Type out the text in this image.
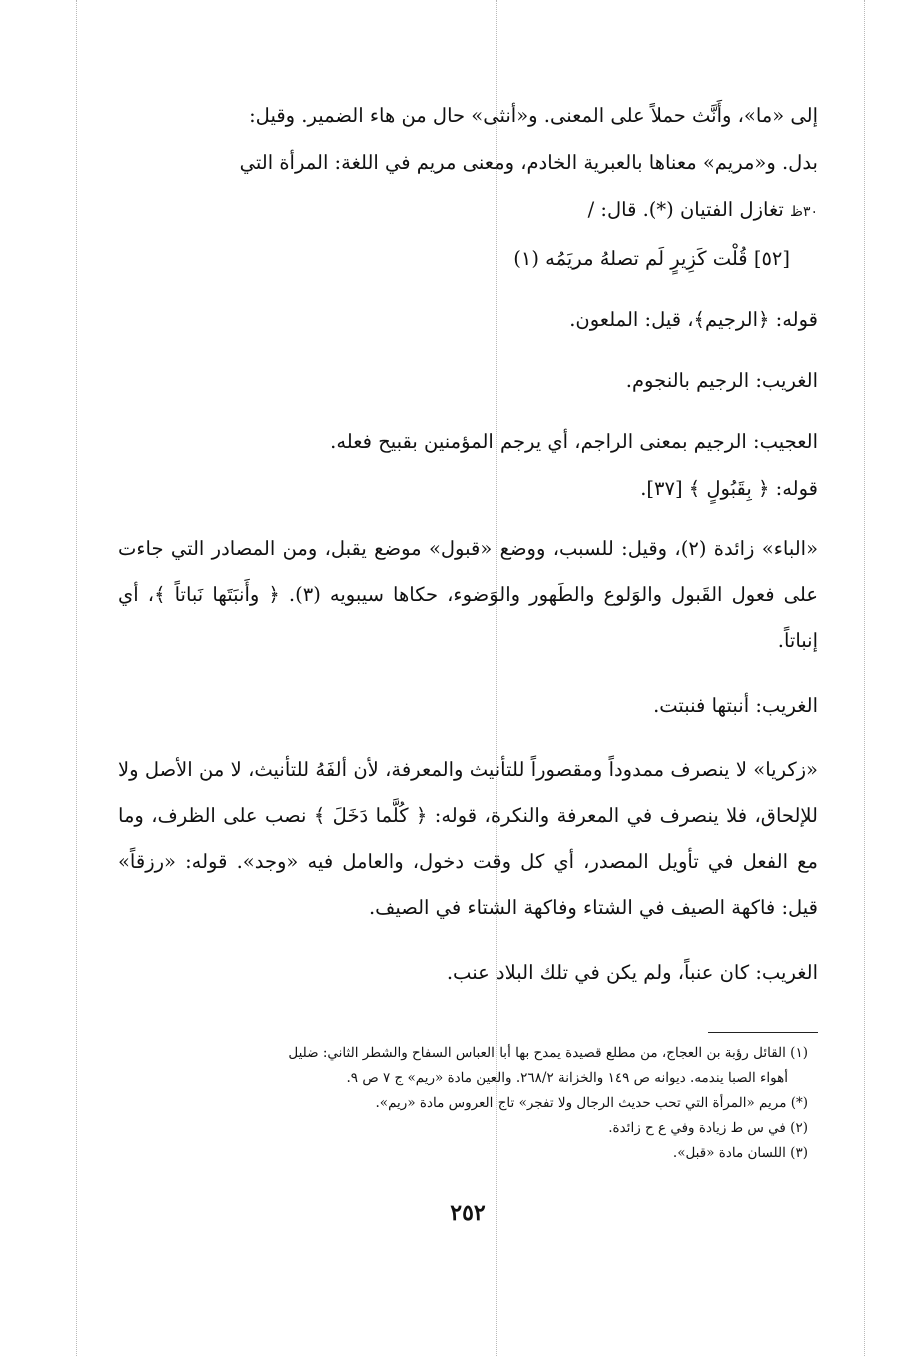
إلى «ما»، وأَنَّث حملاً على المعنى. و«أنثى» حال من هاء الضمير. وقيل:

بدل. و«مريم» معناها بالعبرية الخادم، ومعنى مريم في اللغة: المرأة التي

٣٠ظ تغازل الفتيان (*). قال: /

[٥٢] قُلْت كَزِيرٍ لَم تصلهُ مريَمُه (١)

قوله: ﴿الرجيم﴾، قيل: الملعون.

الغريب: الرجيم بالنجوم.

العجيب: الرجيم بمعنى الراجم، أي يرجم المؤمنين بقبيح فعله.

قوله: ﴿ بِقَبُولٍ ﴾ [٣٧].

«الباء» زائدة (٢)، وقيل: للسبب، ووضع «قبول» موضع يقبل، ومن المصادر التي جاءت على فعول القَبول والوَلوع والطَهور والوَضوء، حكاها سيبويه (٣). ﴿ وأَنبَتَها نَباتاً ﴾، أي إنباتاً.

الغريب: أنبتها فنبتت.

«زكريا» لا ينصرف ممدوداً ومقصوراً للتأنيث والمعرفة، لأن ألفَهُ للتأنيث، لا من الأصل ولا للإلحاق، فلا ينصرف في المعرفة والنكرة، قوله: ﴿ كُلَّما دَخَلَ ﴾ نصب على الظرف، وما مع الفعل في تأويل المصدر، أي كل وقت دخول، والعامل فيه «وجد». قوله: «رزقاً» قيل: فاكهة الصيف في الشتاء وفاكهة الشتاء في الصيف.

الغريب: كان عنباً، ولم يكن في تلك البلاد عنب.

(١) القائل رؤبة بن العجاج، من مطلع قصيدة يمدح بها أبا العباس السفاح والشطر الثاني: ضليل

أهواء الصبا يندمه. ديوانه ص ١٤٩ والخزانة ٢٦٨/٢. والعين مادة «ريم» ج ٧ ص ٩.

(*) مريم «المرأة التي تحب حديث الرجال ولا تفجر» تاج العروس مادة «ريم».

(٢) في س ط زيادة وفي ع ح زائدة.

(٣) اللسان مادة «قبل».

٢٥٢
